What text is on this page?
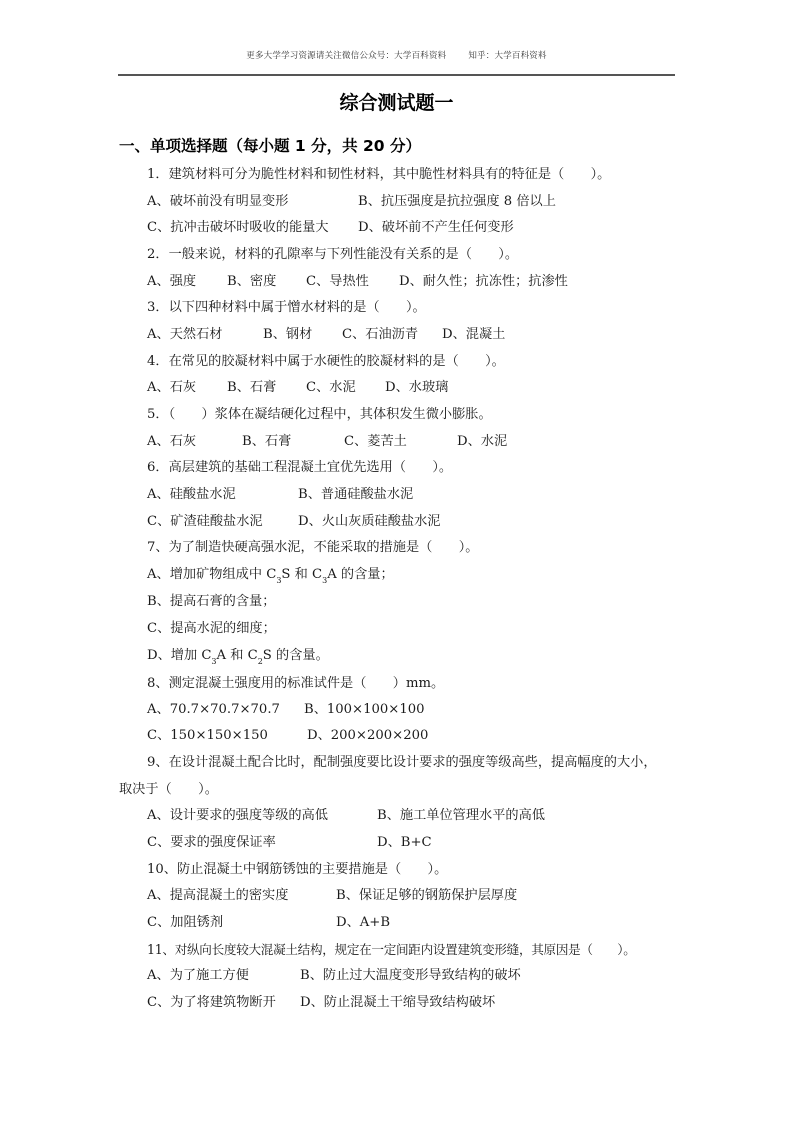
更多大学学习资源请关注微信公众号：大学百科资料	知乎：大学百科资料
综合测试题一
一、单项选择题（每小题 1 分，共 20 分）
1．建筑材料可分为脆性材料和韧性材料，其中脆性材料具有的特征是（　　）。
A、破坏前没有明显变形	B、抗压强度是抗拉强度 8 倍以上
C、抗冲击破坏时吸收的能量大 D、破坏前不产生任何变形
2．一般来说，材料的孔隙率与下列性能没有关系的是（　　）。
A、强度 B、密度 C、导热性 D、耐久性；抗冻性；抗渗性
3．以下四种材料中属于憎水材料的是（　　）。
A、天然石材	B、钢材 C、石油沥青 D、混凝土
4．在常见的胶凝材料中属于水硬性的胶凝材料的是（　　）。
A、石灰 B、石膏 C、水泥 D、水玻璃
5．（　　）浆体在凝结硬化过程中，其体积发生微小膨胀。
A、石灰	B、石膏	C、菱苦土	D、水泥
6．高层建筑的基础工程混凝土宜优先选用（　　）。
A、硅酸盐水泥	B、普通硅酸盐水泥
C、矿渣硅酸盐水泥	D、火山灰质硅酸盐水泥
7、为了制造快硬高强水泥，不能采取的措施是（　　）。
A、增加矿物组成中 $C_3S$ 和 $C_3A$ 的含量；
B、提高石膏的含量；
C、提高水泥的细度；
D、增加 $C_3A$ 和 $C_2S$ 的含量。
8、测定混凝土强度用的标准试件是（　　）mm。
A、70.7×70.7×70.7 B、100×100×100
C、150×150×150	D、200×200×200
9、在设计混凝土配合比时，配制强度要比设计要求的强度等级高些，提高幅度的大小，
取决于（　　）。
A、设计要求的强度等级的高低	B、施工单位管理水平的高低
C、要求的强度保证率	D、B+C
10、防止混凝土中钢筋锈蚀的主要措施是（　　）。
A、提高混凝土的密实度	B、保证足够的钢筋保护层厚度
C、加阻锈剂	D、A+B
11、对纵向长度较大混凝土结构，规定在一定间距内设置建筑变形缝，其原因是（　　）。
A、为了施工方便	B、防止过大温度变形导致结构的破坏
C、为了将建筑物断开 D、防止混凝土干缩导致结构破坏
